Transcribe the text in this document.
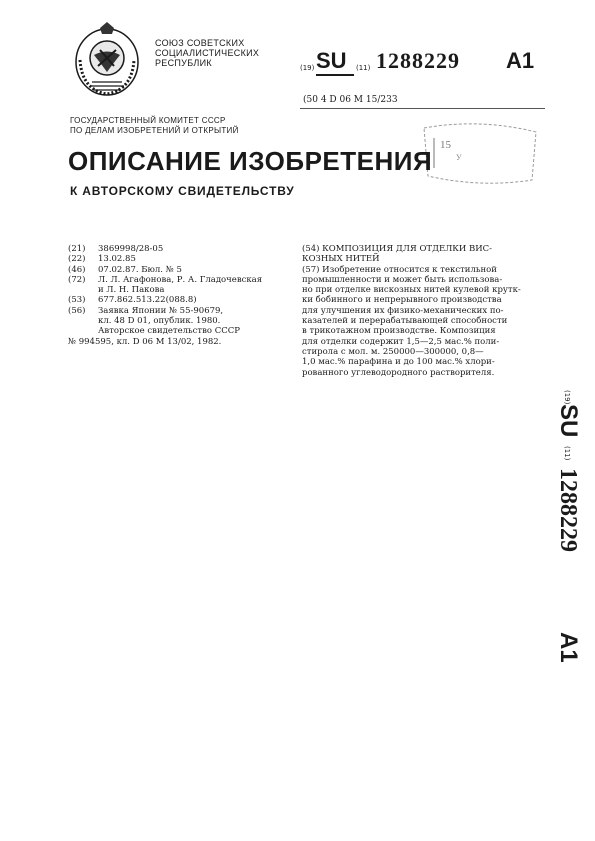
СОЮЗ СОВЕТСКИХ
СОЦИАЛИСТИЧЕСКИХ
РЕСПУБЛИК	(19) SU (11) 1288229 A1
(50 4 D 06 M 15/233
ГОСУДАРСТВЕННЫЙ КОМИТЕТ СССР
ПО ДЕЛАМ ИЗОБРЕТЕНИЙ И ОТКРЫТИЙ
15
У
ОПИСАНИЕ ИЗОБРЕТЕНИЯ
К АВТОРСКОМУ СВИДЕТЕЛЬСТВУ
(21)	3869998/28-05
(22)	13.02.85
(46)	07.02.87. Бюл. № 5
(72)	Л. Л. Агафонова, Р. А. Гладочевская
и Л. Н. Пакова
(53)	677.862.513.22(088.8)
(56)	Заявка Японии № 55-90679,
кл. 48 D 01, опублик. 1980.
Авторское свидетельство СССР
№ 994595, кл. D 06 M 13/02, 1982.
(54) КОМПОЗИЦИЯ ДЛЯ ОТДЕЛКИ ВИС-
КОЗНЫХ НИТЕЙ
(57) Изобретение относится к текстильной
промышленности и может быть использова-
но при отделке вискозных нитей кулевой крутк-
ки бобинного и непрерывного производства
для улучшения их физико-механических по-
казателей и перерабатывающей способности
в трикотажном производстве. Композиция
для отделки содержит 1,5—2,5 мас.% поли-
стирола с мол. м. 250000—300000, 0,8—
1,0 мас.% парафина и до 100 мас.% хлори-
рованного углеводородного растворителя.
(19)
SU
(11)
1288229
A1
